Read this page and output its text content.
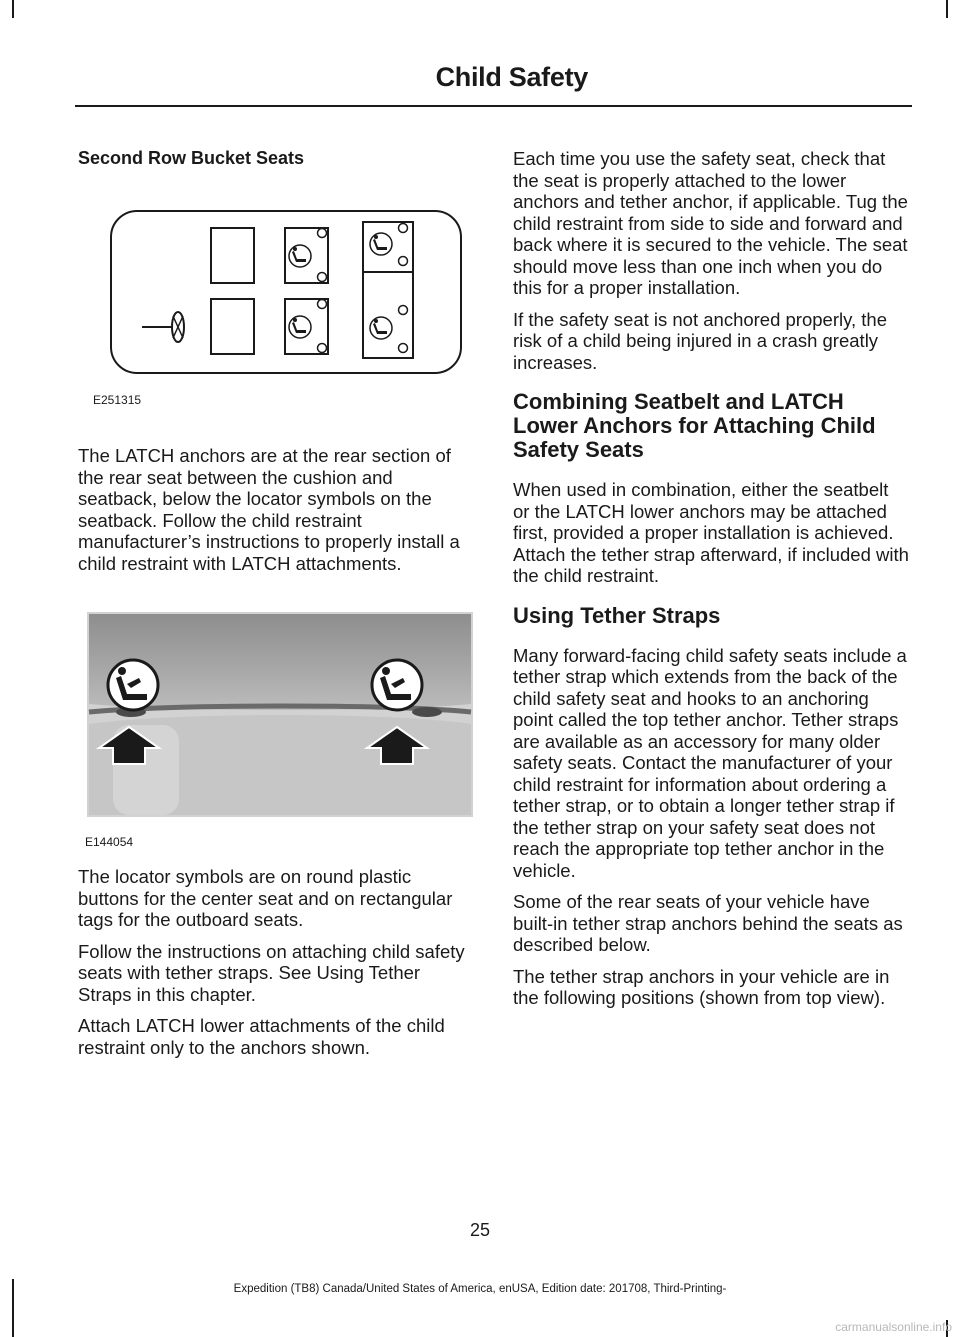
Child Safety

Second Row Bucket Seats

E251315

The LATCH anchors are at the rear section of the rear seat between the cushion and seatback, below the locator symbols on the seatback. Follow the child restraint manufacturer’s instructions to properly install a child restraint with LATCH attachments.

E144054

The locator symbols are on round plastic buttons for the center seat and on rectangular tags for the outboard seats.

Follow the instructions on attaching child safety seats with tether straps. See Using Tether Straps in this chapter.

Attach LATCH lower attachments of the child restraint only to the anchors shown.

Each time you use the safety seat, check that the seat is properly attached to the lower anchors and tether anchor, if applicable. Tug the child restraint from side to side and forward and back where it is secured to the vehicle. The seat should move less than one inch when you do this for a proper installation.

If the safety seat is not anchored properly, the risk of a child being injured in a crash greatly increases.

Combining Seatbelt and LATCH Lower Anchors for Attaching Child Safety Seats

When used in combination, either the seatbelt or the LATCH lower anchors may be attached first, provided a proper installation is achieved. Attach the tether strap afterward, if included with the child restraint.

Using Tether Straps

Many forward-facing child safety seats include a tether strap which extends from the back of the child safety seat and hooks to an anchoring point called the top tether anchor. Tether straps are available as an accessory for many older safety seats. Contact the manufacturer of your child restraint for information about ordering a tether strap, or to obtain a longer tether strap if the tether strap on your safety seat does not reach the appropriate top tether anchor in the vehicle.

Some of the rear seats of your vehicle have built-in tether strap anchors behind the seats as described below.

The tether strap anchors in your vehicle are in the following positions (shown from top view).

25
Expedition (TB8) Canada/United States of America, enUSA, Edition date: 201708, Third-Printing-
carmanualsonline.info
